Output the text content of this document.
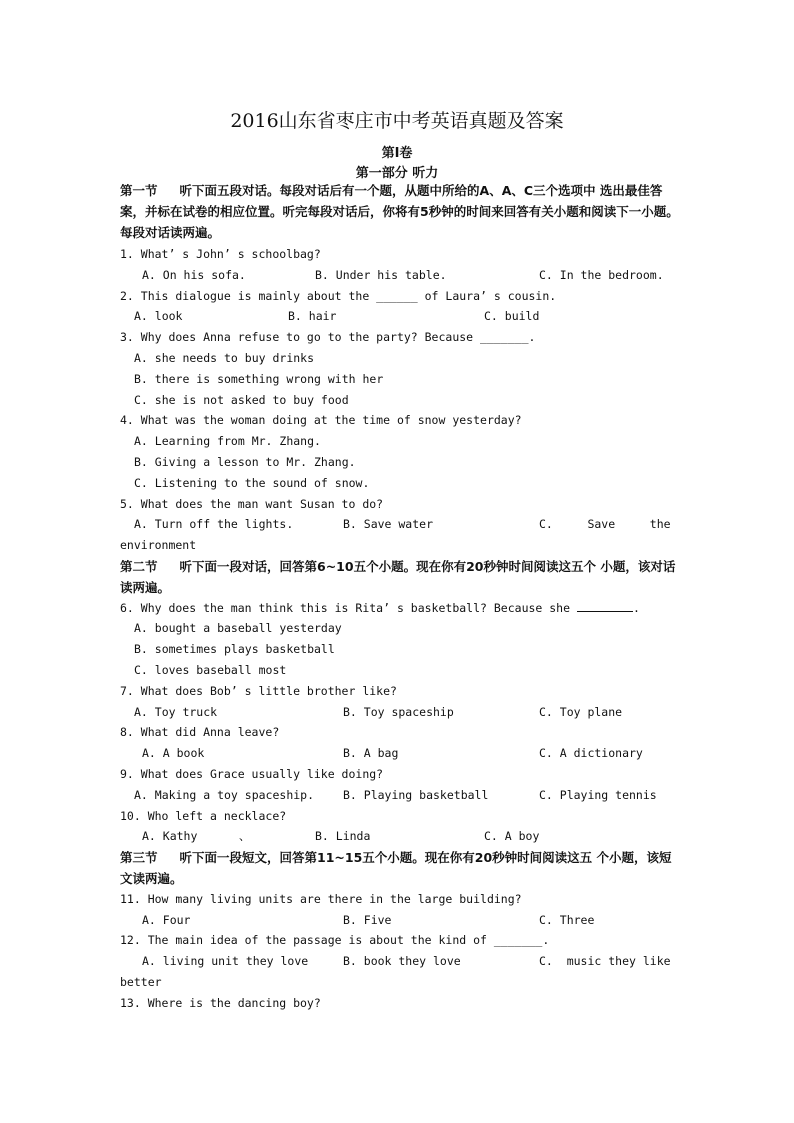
2016山东省枣庄市中考英语真题及答案
第Ⅰ卷
第一部分 听力
第一节 听下面五段对话。每段对话后有一个题，从题中所给的A、A、C三个选项中 选出最佳答案，并标在试卷的相应位置。听完每段对话后，你将有5秒钟的时间来回答有关小题和阅读下一小题。每段对话读两遍。
1. What’ s John’ s schoolbag?
A. On his sofa.	B. Under his table.	C. In the bedroom.
2. This dialogue is mainly about the ______ of Laura’ s cousin.
A. look	B. hair	C. build
3. Why does Anna refuse to go to the party? Because _______.
A. she needs to buy drinks
B. there is something wrong with her
C. she is not asked to buy food
4. What was the woman doing at the time of snow yesterday?
A. Learning from Mr. Zhang.
B. Giving a lesson to Mr. Zhang.
C. Listening to the sound of snow.
5. What does the man want Susan to do?
A. Turn off the lights.	B. Save water	C.     Save     the
environment
第二节 听下面一段对话，回答第6~10五个小题。现在你有20秒钟时间阅读这五个 小题，该对话读两遍。
6. Why does the man think this is Rita’ s basketball? Because she	.
A. bought a baseball yesterday
B. sometimes plays basketball
C. loves baseball most
7. What does Bob’ s little brother like?
A. Toy truck	B. Toy spaceship	C. Toy plane
8. What did Anna leave?
A. A book	B. A bag	C. A dictionary
9. What does Grace usually like doing?
A. Making a toy spaceship.	B. Playing basketball	C. Playing tennis
10. Who left a necklace?
A. Kathy      、	B. Linda	C. A boy
第三节 听下面一段短文，回答第11~15五个小题。现在你有20秒钟时间阅读这五 个小题，该短文读两遍。
11. How many living units are there in the large building?
A. Four	B. Five	C. Three
12. The main idea of the passage is about the kind of _______.
A. living unit they love	B. book they love	C.  music they like
better
13. Where is the dancing boy?
